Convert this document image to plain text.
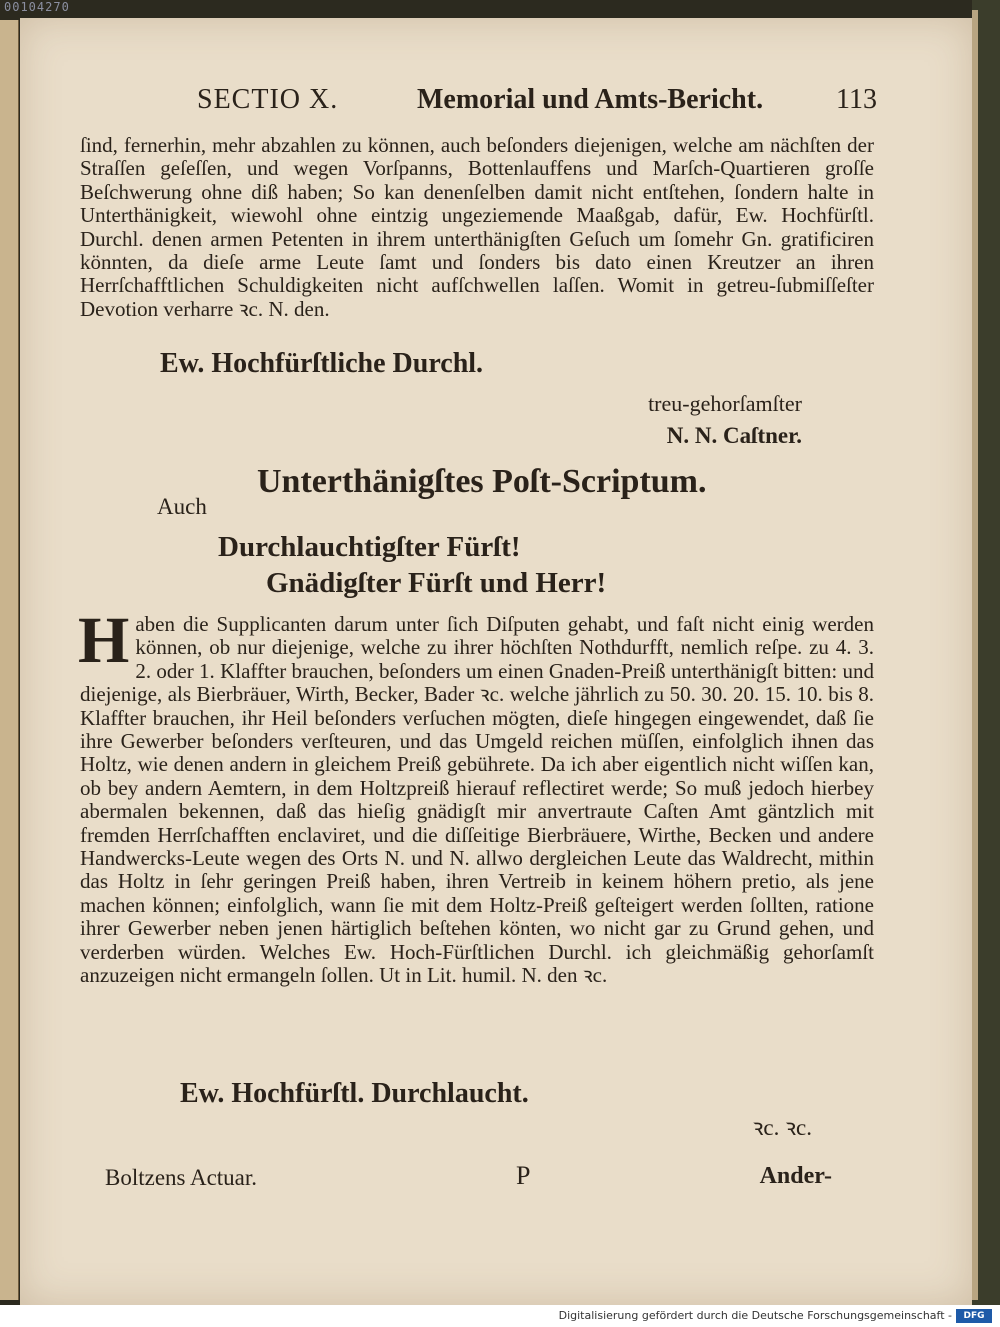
00104270
SECTIO X.	Memorial und Amts-Bericht.	113
ſind, fernerhin, mehr abzahlen zu können, auch beſonders diejenigen, welche am nächſten der Straſſen geſeſſen, und wegen Vorſpanns, Bottenlauffens und Marſch-Quartieren groſſe Beſchwerung ohne diß haben; So kan denenſelben damit nicht entſtehen, ſondern halte in Unterthänigkeit, wiewohl ohne eintzig ungeziemende Maaßgab, dafür, Ew. Hochfürſtl. Durchl. denen armen Petenten in ihrem unterthänigſten Geſuch um ſomehr Gn. gratificiren könnten, da dieſe arme Leute ſamt und ſonders bis dato einen Kreutzer an ihren Herrſchafftlichen Schuldigkeiten nicht aufſchwellen laſſen. Womit in getreu-ſubmiſſeſter Devotion verharre ꝛc. N. den.
Ew. Hochfürſtliche Durchl.
treu-gehorſamſter
N. N. Caſtner.
Unterthänigſtes Poſt-Scriptum.
Auch
Durchlauchtigſter Fürſt!
Gnädigſter Fürſt und Herr!
H aben die Supplicanten darum unter ſich Diſputen gehabt, und faſt nicht einig werden können, ob nur diejenige, welche zu ihrer höchſten Nothdurfft, nemlich reſpe. zu 4. 3. 2. oder 1. Klaffter brauchen, beſonders um einen Gnaden-Preiß unterthänigſt bitten: und diejenige, als Bierbräuer, Wirth, Becker, Bader ꝛc. welche jährlich zu 50. 30. 20. 15. 10. bis 8. Klaffter brauchen, ihr Heil beſonders verſuchen mögten, dieſe hingegen eingewendet, daß ſie ihre Gewerber beſonders verſteuren, und das Umgeld reichen müſſen, einfolglich ihnen das Holtz, wie denen andern in gleichem Preiß gebührete. Da ich aber eigentlich nicht wiſſen kan, ob bey andern Aemtern, in dem Holtzpreiß hierauf reflectiret werde; So muß jedoch hierbey abermalen bekennen, daß das hieſig gnädigſt mir anvertraute Caſten Amt gäntzlich mit fremden Herrſchafften enclaviret, und die diſſeitige Bierbräuere, Wirthe, Becken und andere Handwercks-Leute wegen des Orts N. und N. allwo dergleichen Leute das Waldrecht, mithin das Holtz in ſehr geringen Preiß haben, ihren Vertreib in keinem höhern pretio, als jene machen können; einfolglich, wann ſie mit dem Holtz-Preiß geſteigert werden ſollten, ratione ihrer Gewerber neben jenen härtiglich beſtehen könten, wo nicht gar zu Grund gehen, und verderben würden. Welches Ew. Hoch-Fürſtlichen Durchl. ich gleichmäßig gehorſamſt anzuzeigen nicht ermangeln ſollen. Ut in Lit. humil. N. den ꝛc.
Ew. Hochfürſtl. Durchlaucht.
ꝛc. ꝛc.
Boltzens Actuar.	P	Ander-
Digitalisierung gefördert durch die Deutsche Forschungsgemeinschaft -	DFG
